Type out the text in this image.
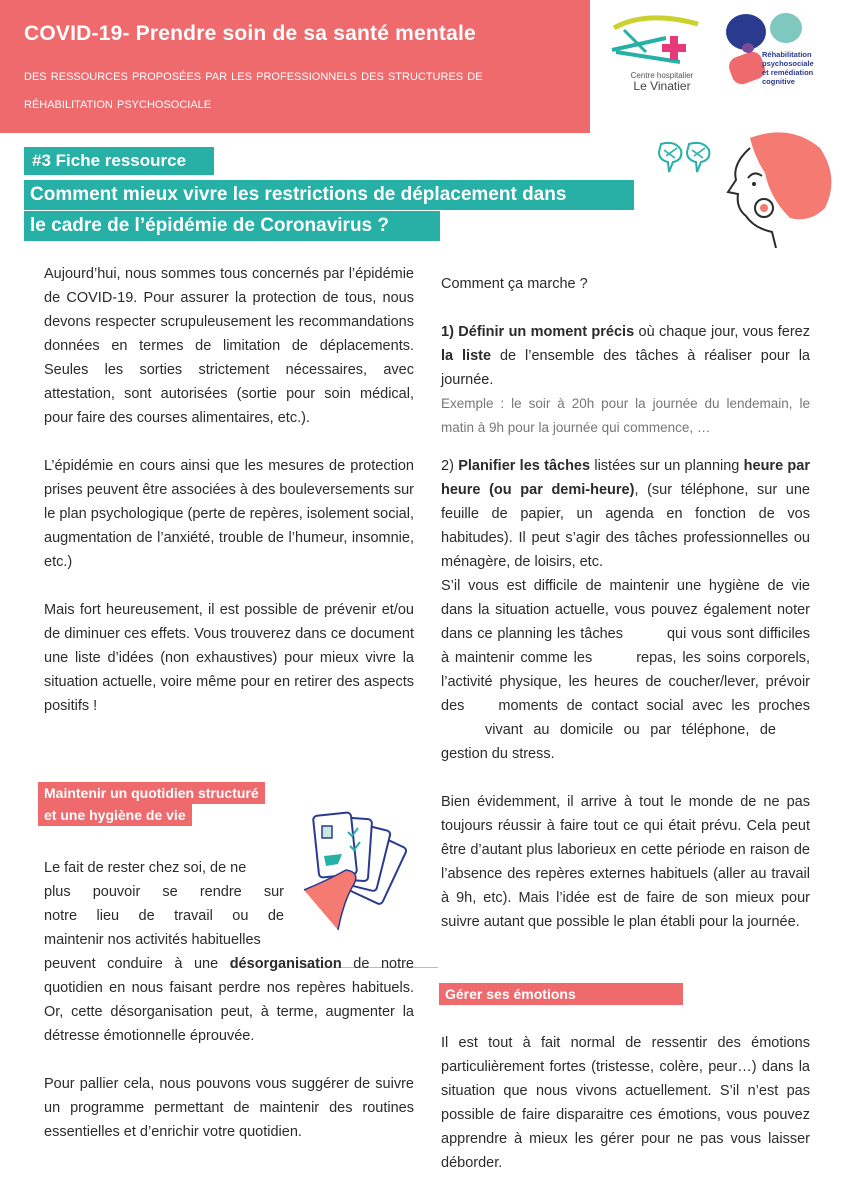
COVID-19- Prendre soin de sa santé mentale
des ressources proposées par les professionnels des structures de réhabilitation psychosociale
Centre hospitalier
Le Vinatier
Réhabilitation
psychosociale
et remédiation
cognitive
#3 Fiche ressource
Comment mieux vivre les restrictions de déplacement dans
le cadre de l’épidémie de Coronavirus ?

Aujourd’hui, nous sommes tous concernés par l’épidémie de COVID-19. Pour assurer la protection de tous, nous devons respecter scrupuleusement les recommandations données en termes de limitation de déplacements. Seules les sorties strictement nécessaires, avec attestation, sont autorisées (sortie pour soin médical, pour faire des courses alimentaires, etc.).

L’épidémie en cours ainsi que les mesures de protection prises peuvent être associées à des bouleversements sur le plan psychologique (perte de repères, isolement social, augmentation de l’anxiété, trouble de l’humeur, insomnie, etc.)

Mais fort heureusement, il est possible de prévenir et/ou de diminuer ces effets. Vous trouverez dans ce document une liste d’idées (non exhaustives) pour mieux vivre la situation actuelle, voire même pour en retirer des aspects positifs !

Maintenir un quotidien structuré
et une hygiène de vie
Le fait de rester chez soi, de ne
plus pouvoir se rendre sur
notre lieu de travail ou de
maintenir nos activités habituelles

peuvent conduire à une désorganisation de notre quotidien en nous faisant perdre nos repères habituels. Or, cette désorganisation peut, à terme, augmenter la détresse émotionnelle éprouvée.

Pour pallier cela, nous pouvons vous suggérer de suivre un programme permettant de maintenir des routines essentielles et d’enrichir votre quotidien.

Comment ça marche ?

1) Définir un moment précis où chaque jour, vous ferez la liste de l’ensemble des tâches à réaliser pour la journée.

Exemple : le soir à 20h pour la journée du lendemain, le matin à 9h pour la journée qui commence, …

2) Planifier les tâches listées sur un planning heure par heure (ou par demi-heure), (sur téléphone, sur une feuille de papier, un agenda en fonction de vos habitudes). Il peut s’agir des tâches professionnelles ou ménagère, de loisirs, etc.

S’il vous est difficile de maintenir une hygiène de vie dans la situation actuelle, vous pouvez également noter dans ce planning les tâches	qui vous sont difficiles à maintenir comme les	repas, les soins corporels, l’activité physique, les heures de coucher/lever, prévoir des moments de contact social avec les prochesvivant au domicile ou par téléphone, degestion du stress.

Bien évidemment, il arrive à tout le monde de ne pas toujours réussir à faire tout ce qui était prévu. Cela peut être d’autant plus laborieux en cette période en raison de l’absence des repères externes habituels (aller au travail à 9h, etc). Mais l’idée est de faire de son mieux pour suivre autant que possible le plan établi pour la journée.

Gérer ses émotions

Il est tout à fait normal de ressentir des émotions particulièrement fortes (tristesse, colère, peur…) dans la situation que nous vivons actuellement. S’il n’est pas possible de faire disparaitre ces émotions, vous pouvez apprendre à mieux les gérer pour ne pas vous laisser déborder.
